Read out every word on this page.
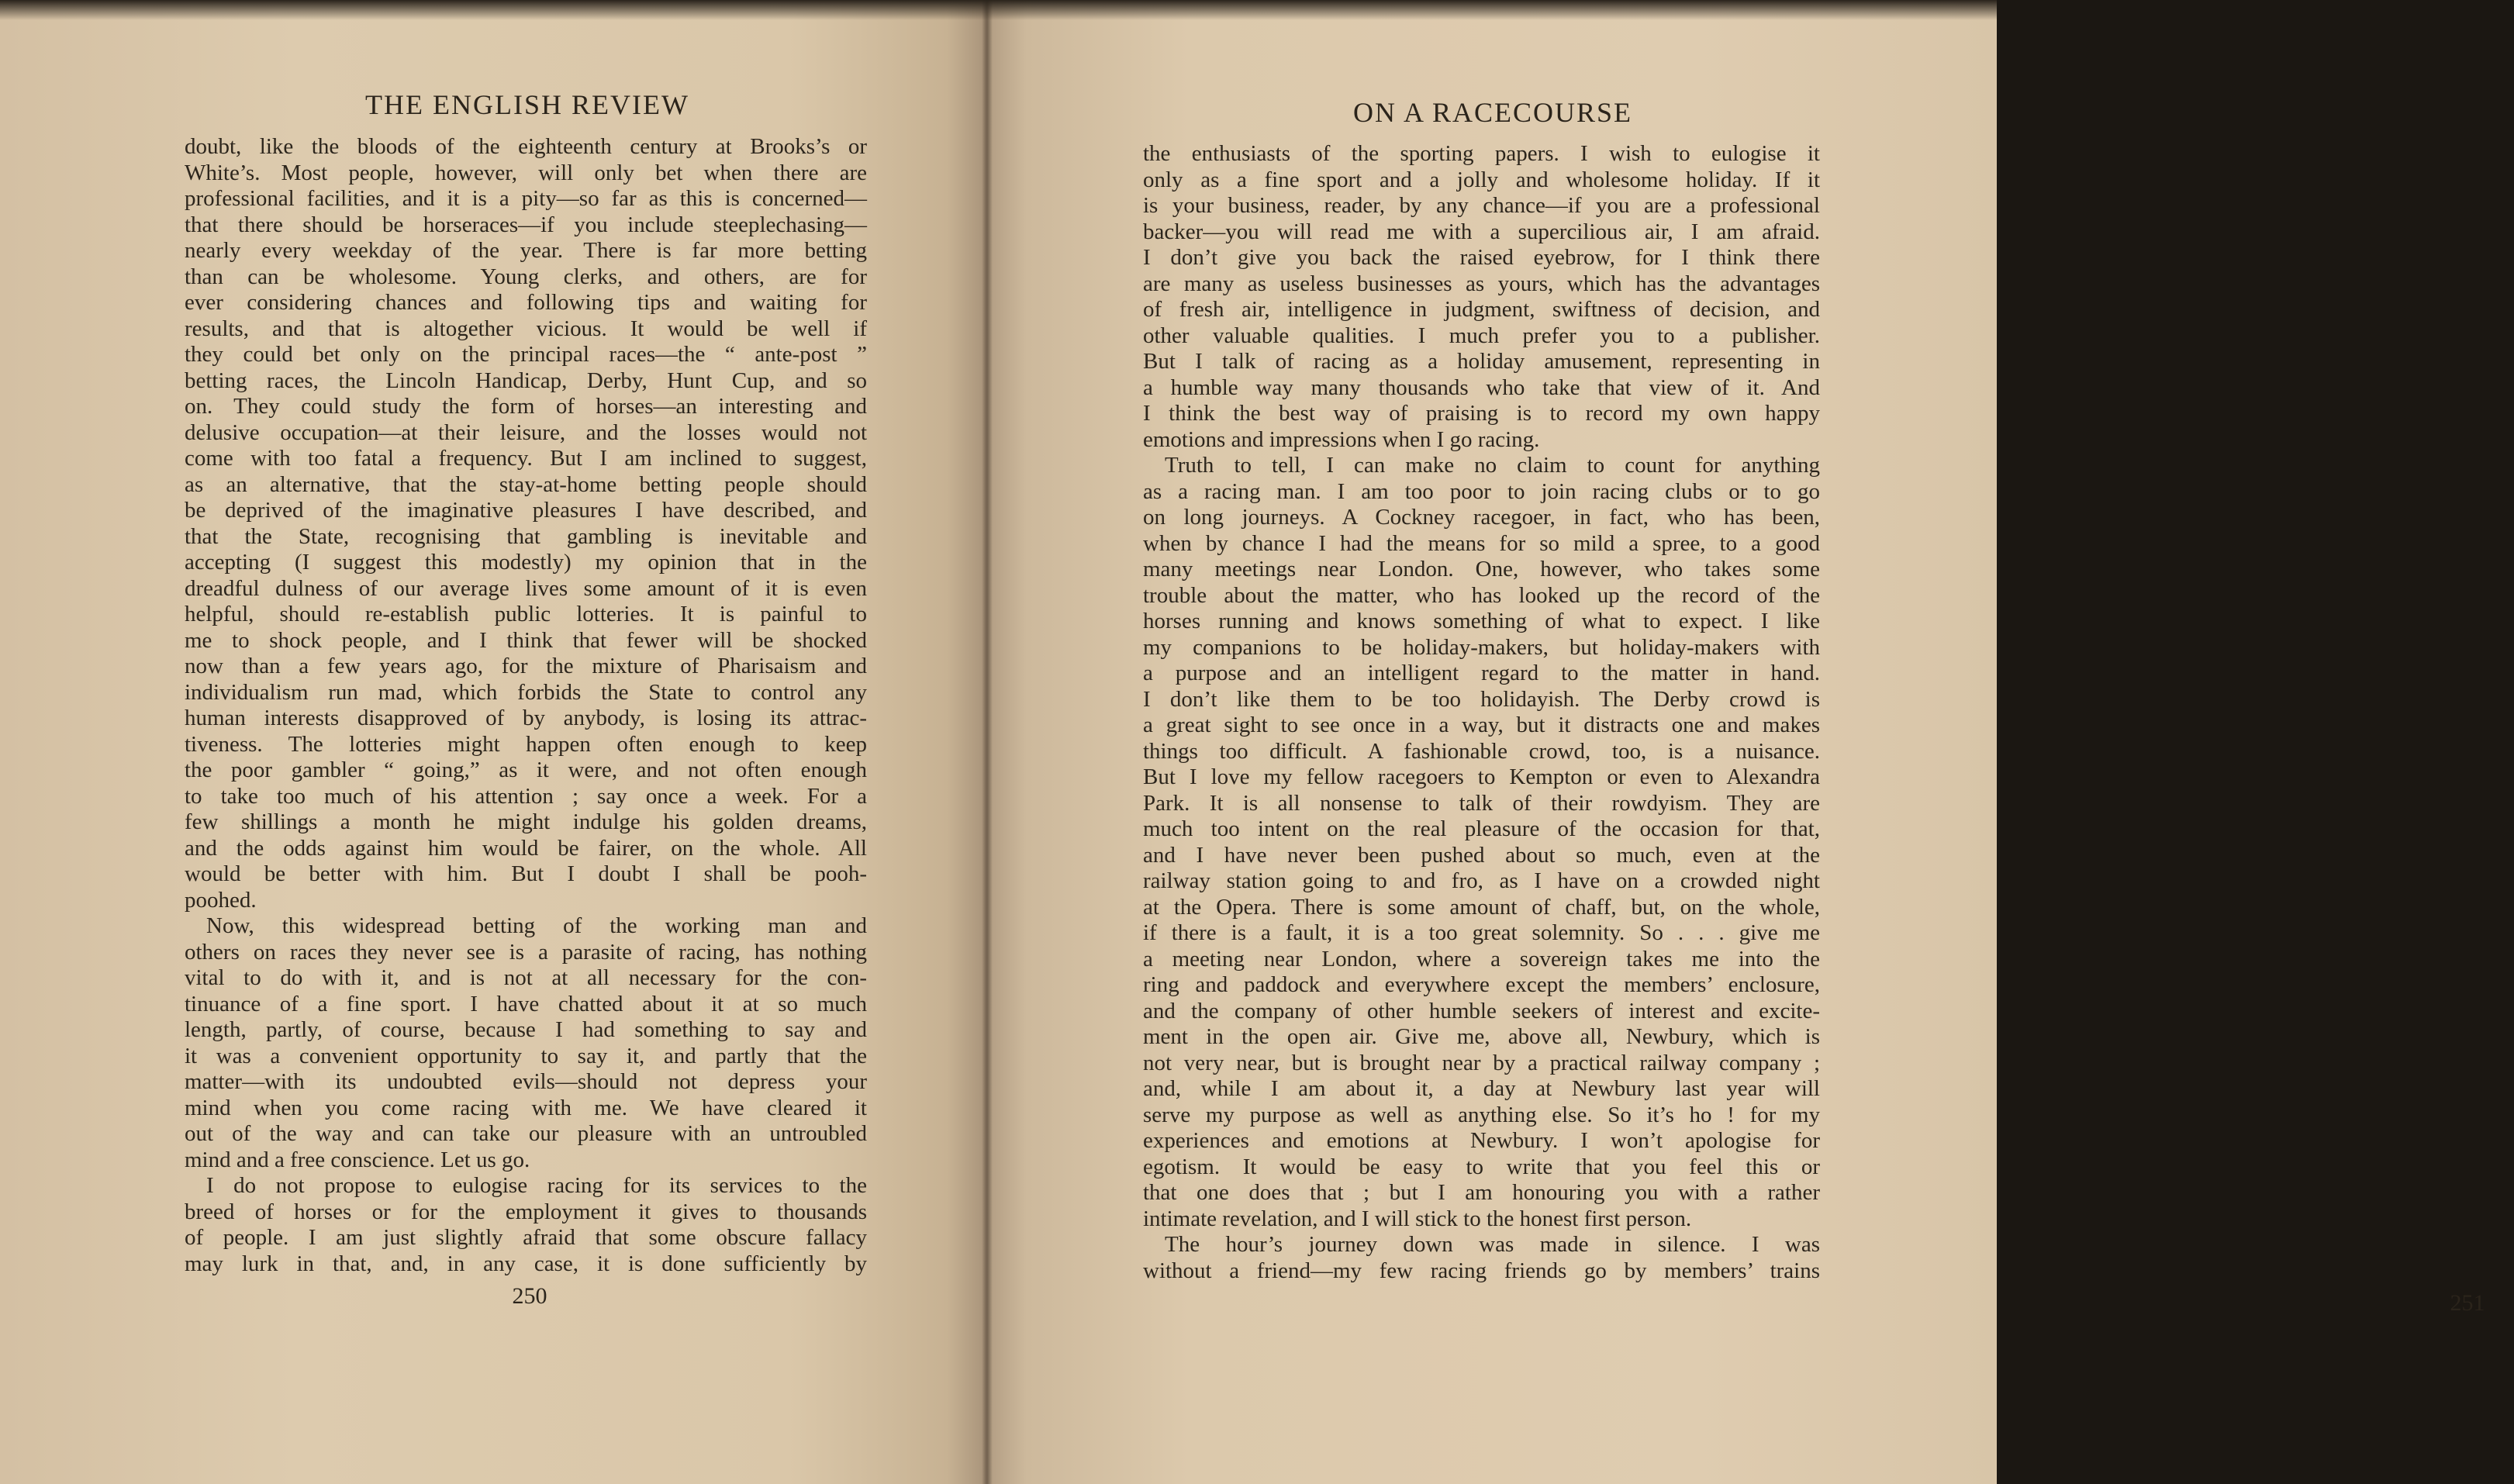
THE ENGLISH REVIEW
doubt, like the bloods of the eighteenth century at Brooks’s or
White’s. Most people, however, will only bet when there are
professional facilities, and it is a pity—so far as this is concerned—
that there should be horseraces—if you include steeplechasing—
nearly every weekday of the year. There is far more betting
than can be wholesome. Young clerks, and others, are for
ever considering chances and following tips and waiting for
results, and that is altogether vicious. It would be well if
they could bet only on the principal races—the “ ante-post ”
betting races, the Lincoln Handicap, Derby, Hunt Cup, and so
on. They could study the form of horses—an interesting and
delusive occupation—at their leisure, and the losses would not
come with too fatal a frequency. But I am inclined to suggest,
as an alternative, that the stay-at-home betting people should
be deprived of the imaginative pleasures I have described, and
that the State, recognising that gambling is inevitable and
accepting (I suggest this modestly) my opinion that in the
dreadful dulness of our average lives some amount of it is even
helpful, should re-establish public lotteries. It is painful to
me to shock people, and I think that fewer will be shocked
now than a few years ago, for the mixture of Pharisaism and
individualism run mad, which forbids the State to control any
human interests disapproved of by anybody, is losing its attrac-
tiveness. The lotteries might happen often enough to keep
the poor gambler “ going,” as it were, and not often enough
to take too much of his attention ; say once a week. For a
few shillings a month he might indulge his golden dreams,
and the odds against him would be fairer, on the whole. All
would be better with him. But I doubt I shall be pooh-
poohed.
Now, this widespread betting of the working man and
others on races they never see is a parasite of racing, has nothing
vital to do with it, and is not at all necessary for the con-
tinuance of a fine sport. I have chatted about it at so much
length, partly, of course, because I had something to say and
it was a convenient opportunity to say it, and partly that the
matter—with its undoubted evils—should not depress your
mind when you come racing with me. We have cleared it
out of the way and can take our pleasure with an untroubled
mind and a free conscience. Let us go.
I do not propose to eulogise racing for its services to the
breed of horses or for the employment it gives to thousands
of people. I am just slightly afraid that some obscure fallacy
may lurk in that, and, in any case, it is done sufficiently by
250
ON A RACECOURSE
the enthusiasts of the sporting papers. I wish to eulogise it
only as a fine sport and a jolly and wholesome holiday. If it
is your business, reader, by any chance—if you are a professional
backer—you will read me with a supercilious air, I am afraid.
I don’t give you back the raised eyebrow, for I think there
are many as useless businesses as yours, which has the advantages
of fresh air, intelligence in judgment, swiftness of decision, and
other valuable qualities. I much prefer you to a publisher.
But I talk of racing as a holiday amusement, representing in
a humble way many thousands who take that view of it. And
I think the best way of praising is to record my own happy
emotions and impressions when I go racing.
Truth to tell, I can make no claim to count for anything
as a racing man. I am too poor to join racing clubs or to go
on long journeys. A Cockney racegoer, in fact, who has been,
when by chance I had the means for so mild a spree, to a good
many meetings near London. One, however, who takes some
trouble about the matter, who has looked up the record of the
horses running and knows something of what to expect. I like
my companions to be holiday-makers, but holiday-makers with
a purpose and an intelligent regard to the matter in hand.
I don’t like them to be too holidayish. The Derby crowd is
a great sight to see once in a way, but it distracts one and makes
things too difficult. A fashionable crowd, too, is a nuisance.
But I love my fellow racegoers to Kempton or even to Alexandra
Park. It is all nonsense to talk of their rowdyism. They are
much too intent on the real pleasure of the occasion for that,
and I have never been pushed about so much, even at the
railway station going to and fro, as I have on a crowded night
at the Opera. There is some amount of chaff, but, on the whole,
if there is a fault, it is a too great solemnity. So . . . give me
a meeting near London, where a sovereign takes me into the
ring and paddock and everywhere except the members’ enclosure,
and the company of other humble seekers of interest and excite-
ment in the open air. Give me, above all, Newbury, which is
not very near, but is brought near by a practical railway company ;
and, while I am about it, a day at Newbury last year will
serve my purpose as well as anything else. So it’s ho ! for my
experiences and emotions at Newbury. I won’t apologise for
egotism. It would be easy to write that you feel this or
that one does that ; but I am honouring you with a rather
intimate revelation, and I will stick to the honest first person.
The hour’s journey down was made in silence. I was
without a friend—my few racing friends go by members’ trains
251
